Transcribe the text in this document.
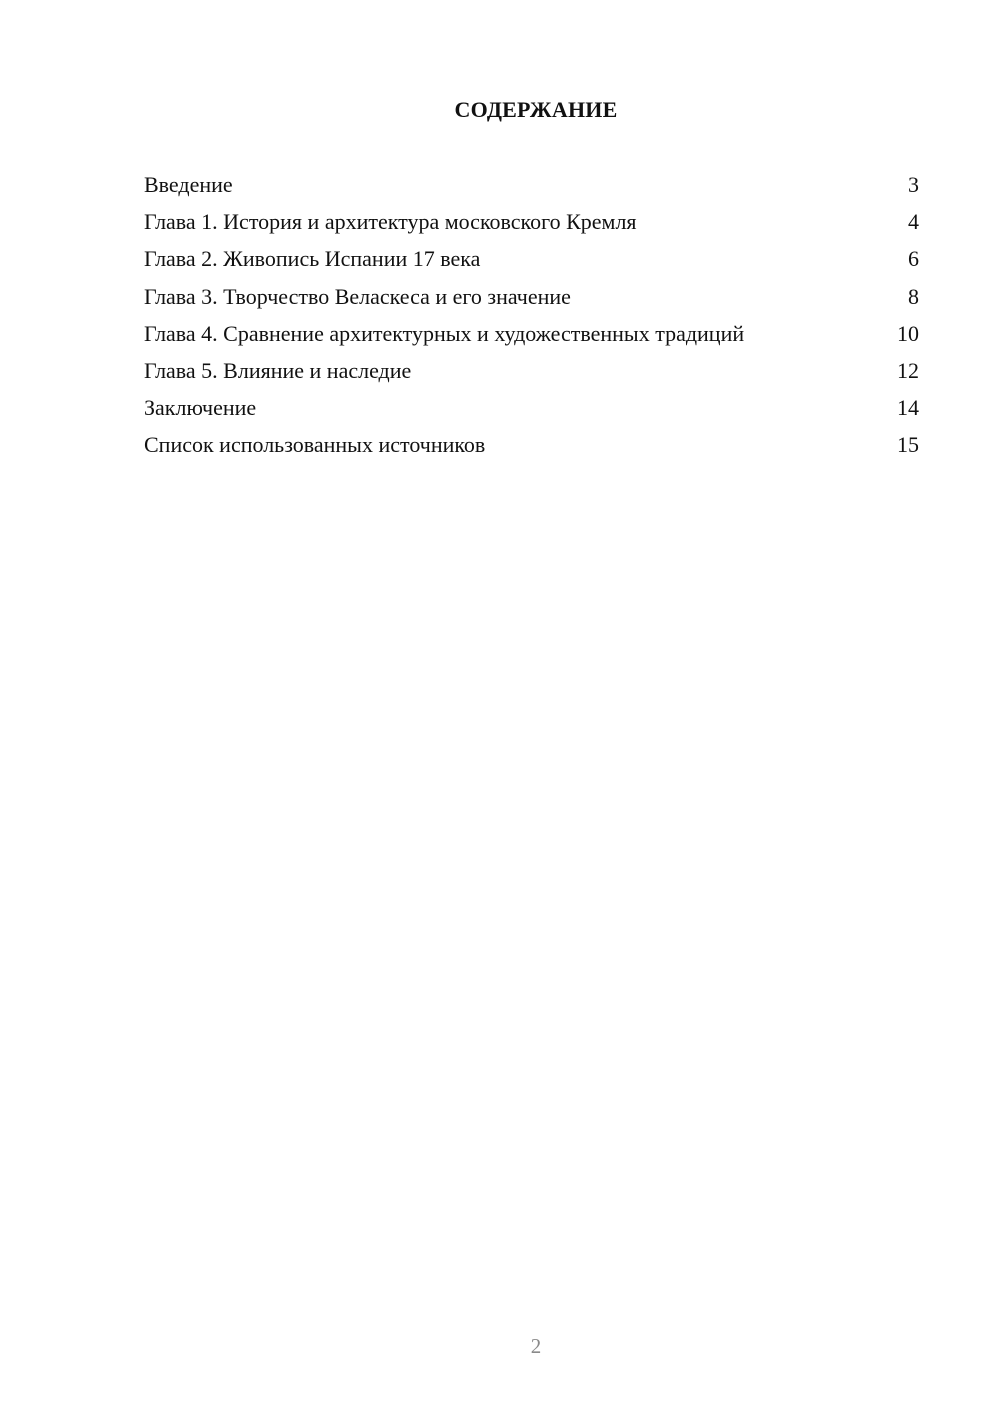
СОДЕРЖАНИЕ
Введение	3
Глава 1. История и архитектура московского Кремля	4
Глава 2. Живопись Испании 17 века	6
Глава 3. Творчество Веласкеса и его значение	8
Глава 4. Сравнение архитектурных и художественных традиций	10
Глава 5. Влияние и наследие	12
Заключение	14
Список использованных источников	15
2
